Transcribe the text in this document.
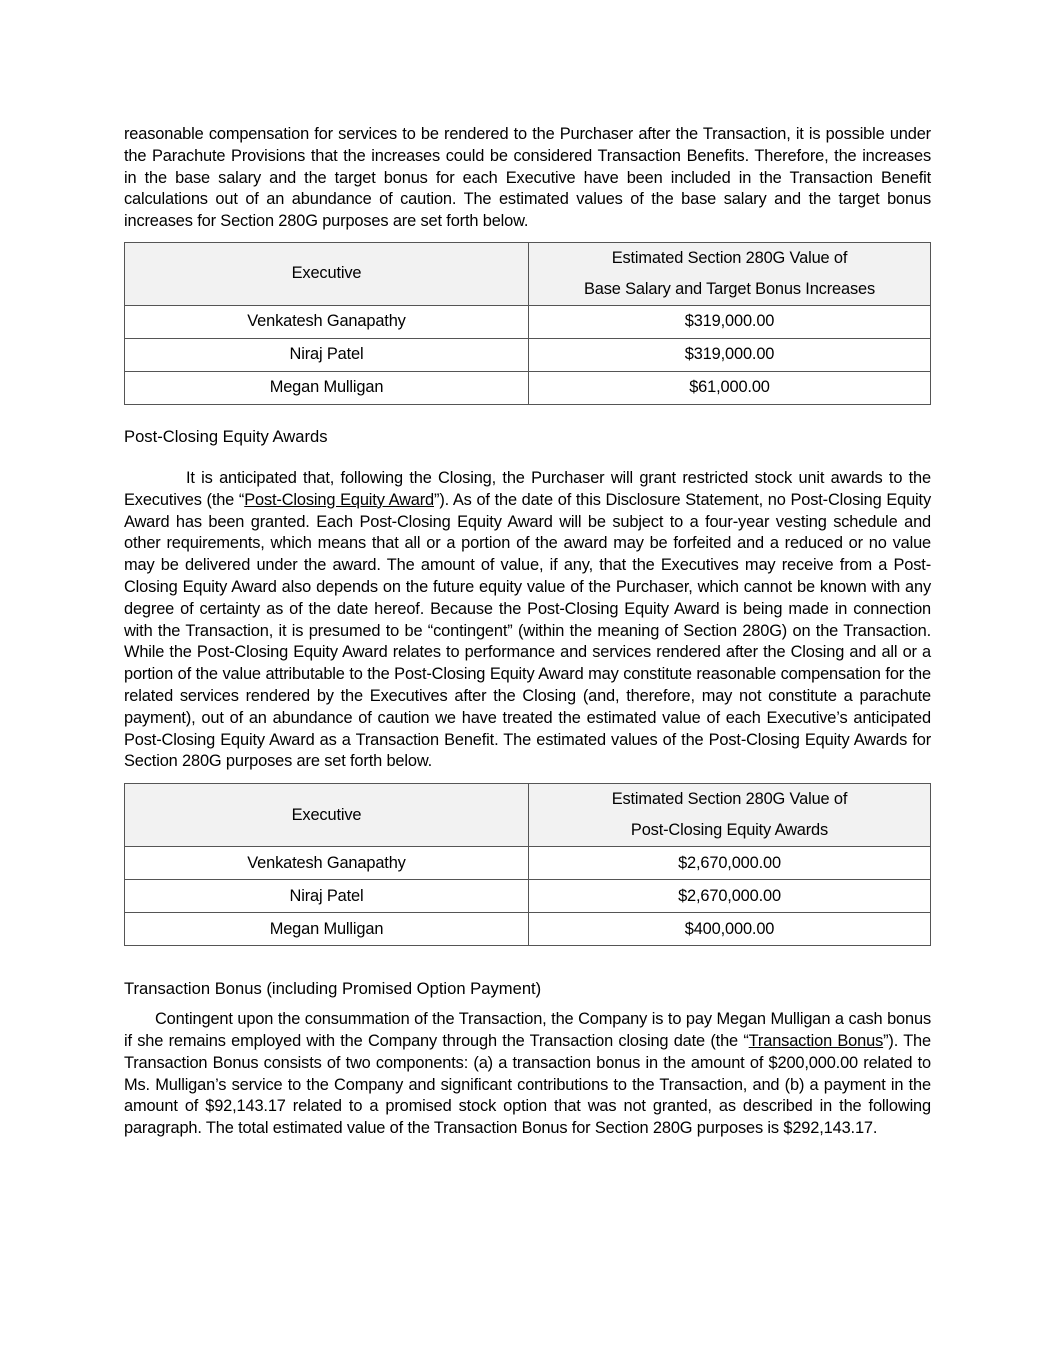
reasonable compensation for services to be rendered to the Purchaser after the Transaction, it is possible under the Parachute Provisions that the increases could be considered Transaction Benefits. Therefore, the increases in the base salary and the target bonus for each Executive have been included in the Transaction Benefit calculations out of an abundance of caution. The estimated values of the base salary and the target bonus increases for Section 280G purposes are set forth below.

Executive	Estimated Section 280G Value of
Base Salary and Target Bonus Increases

Venkatesh Ganapathy	$319,000.00
Niraj Patel	$319,000.00
Megan Mulligan	$61,000.00
Post-Closing Equity Awards

It is anticipated that, following the Closing, the Purchaser will grant restricted stock unit awards to the Executives (the “Post-Closing Equity Award”). As of the date of this Disclosure Statement, no Post-Closing Equity Award has been granted. Each Post-Closing Equity Award will be subject to a four-year vesting schedule and other requirements, which means that all or a portion of the award may be forfeited and a reduced or no value may be delivered under the award. The amount of value, if any, that the Executives may receive from a Post-Closing Equity Award also depends on the future equity value of the Purchaser, which cannot be known with any degree of certainty as of the date hereof. Because the Post-Closing Equity Award is being made in connection with the Transaction, it is presumed to be “contingent” (within the meaning of Section 280G) on the Transaction. While the Post-Closing Equity Award relates to performance and services rendered after the Closing and all or a portion of the value attributable to the Post-Closing Equity Award may constitute reasonable compensation for the related services rendered by the Executives after the Closing (and, therefore, may not constitute a parachute payment), out of an abundance of caution we have treated the estimated value of each Executive’s anticipated Post-Closing Equity Award as a Transaction Benefit. The estimated values of the Post-Closing Equity Awards for Section 280G purposes are set forth below.

Executive	Estimated Section 280G Value of
Post-Closing Equity Awards

Venkatesh Ganapathy	$2,670,000.00
Niraj Patel	$2,670,000.00
Megan Mulligan	$400,000.00
Transaction Bonus (including Promised Option Payment)

Contingent upon the consummation of the Transaction, the Company is to pay Megan Mulligan a cash bonus if she remains employed with the Company through the Transaction closing date (the “Transaction Bonus”). The Transaction Bonus consists of two components: (a) a transaction bonus in the amount of $200,000.00 related to Ms. Mulligan’s service to the Company and significant contributions to the Transaction, and (b) a payment in the amount of $92,143.17 related to a promised stock option that was not granted, as described in the following paragraph. The total estimated value of the Transaction Bonus for Section 280G purposes is $292,143.17.
